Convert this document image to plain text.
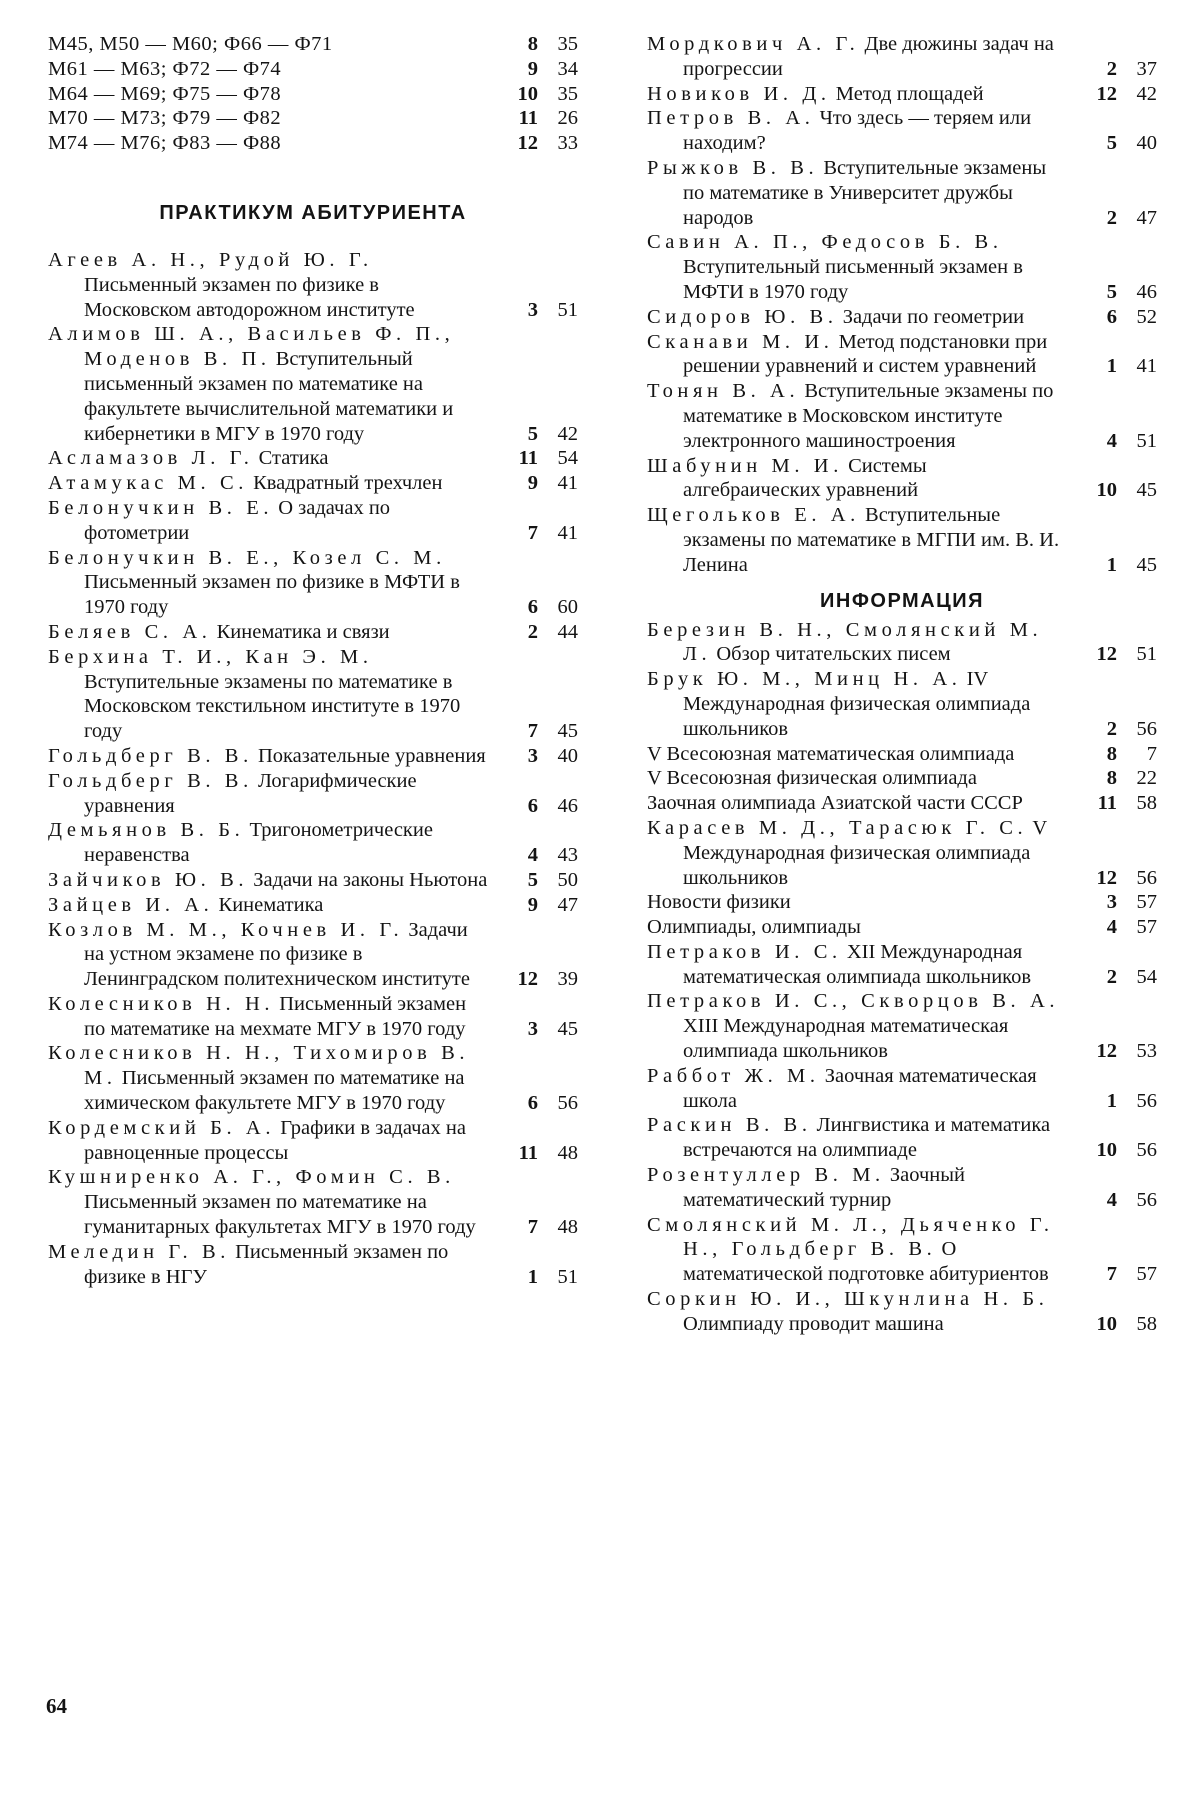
М45, М50 — М60; Ф66 — Ф71	8 35
М61 — М63; Ф72 — Ф74	9 34
М64 — М69; Ф75 — Ф78	10 35
М70 — М73; Ф79 — Ф82	11 26
М74 — М76; Ф83 — Ф88	12 33
ПРАКТИКУМ АБИТУРИЕНТА
Агеев А. Н., Рудой Ю. Г. Письменный экзамен по физике в Московском автодорожном институте	3 51
Алимов Ш. А., Васильев Ф. П., Моденов В. П. Вступительный письменный экзамен по математике на факультете вычислительной математики и кибернетики в МГУ в 1970 году	5 42
Асламазов Л. Г. Статика	11 54
Атамукас М. С. Квадратный трехчлен	9 41
Белонучкин В. Е. О задачах по фотометрии	7 41
Белонучкин В. Е., Козел С. М. Письменный экзамен по физике в МФТИ в 1970 году	6 60
Беляев С. А. Кинематика и связи	2 44
Берхина Т. И., Кан Э. М. Вступительные экзамены по математике в Московском текстильном институте в 1970 году	7 45
Гольдберг В. В. Показательные уравнения	3 40
Гольдберг В. В. Логарифмические уравнения	6 46
Демьянов В. Б. Тригонометрические неравенства	4 43
Зайчиков Ю. В. Задачи на законы Ньютона	5 50
Зайцев И. А. Кинематика	9 47
Козлов М. М., Кочнев И. Г. Задачи на устном экзамене по физике в Ленинградском политехническом институте	12 39
Колесников Н. Н. Письменный экзамен по математике на мехмате МГУ в 1970 году	3 45
Колесников Н. Н., Тихомиров В. М. Письменный экзамен по математике на химическом факультете МГУ в 1970 году	6 56
Кордемский Б. А. Графики в задачах на равноценные процессы	11 48
Кушниренко А. Г., Фомин С. В. Письменный экзамен по математике на гуманитарных факультетах МГУ в 1970 году	7 48
Меледин Г. В. Письменный экзамен по физике в НГУ	1 51
Мордкович А. Г. Две дюжины задач на прогрессии	2 37
Новиков И. Д. Метод площадей	12 42
Петров В. А. Что здесь — теряем или находим?	5 40
Рыжков В. В. Вступительные экзамены по математике в Университет дружбы народов	2 47
Савин А. П., Федосов Б. В. Вступительный письменный экзамен в МФТИ в 1970 году	5 46
Сидоров Ю. В. Задачи по геометрии	6 52
Сканави М. И. Метод подстановки при решении уравнений и систем уравнений	1 41
Тонян В. А. Вступительные экзамены по математике в Московском институте электронного машиностроения	4 51
Шабунин М. И. Системы алгебраических уравнений	10 45
Щегольков Е. А. Вступительные экзамены по математике в МГПИ им. В. И. Ленина	1 45
ИНФОРМАЦИЯ
Березин В. Н., Смолянский М. Л. Обзор читательских писем	12 51
Брук Ю. М., Минц Н. А. IV Международная физическая олимпиада школьников	2 56
V Всесоюзная математическая олимпиада	8	7
V Всесоюзная физическая олимпиада	8 22
Заочная олимпиада Азиатской части СССР	11 58
Карасев М. Д., Тарасюк Г. С. V Международная физическая олимпиада школьников	12 56
Новости физики	3 57
Олимпиады, олимпиады	4 57
Петраков И. С. XII Международная математическая олимпиада школьников	2 54
Петраков И. С., Скворцов В. А. XIII Международная математическая олимпиада школьников	12 53
Раббот Ж. М. Заочная математическая школа	1 56
Раскин В. В. Лингвистика и математика встречаются на олимпиаде	10 56
Розентуллер В. М. Заочный математический турнир	4 56
Смолянский М. Л., Дьяченко Г. Н., Гольдберг В. В. О математической подготовке абитуриентов	7 57
Соркин Ю. И., Шкунлина Н. Б. Олимпиаду проводит машина	10 58
64
